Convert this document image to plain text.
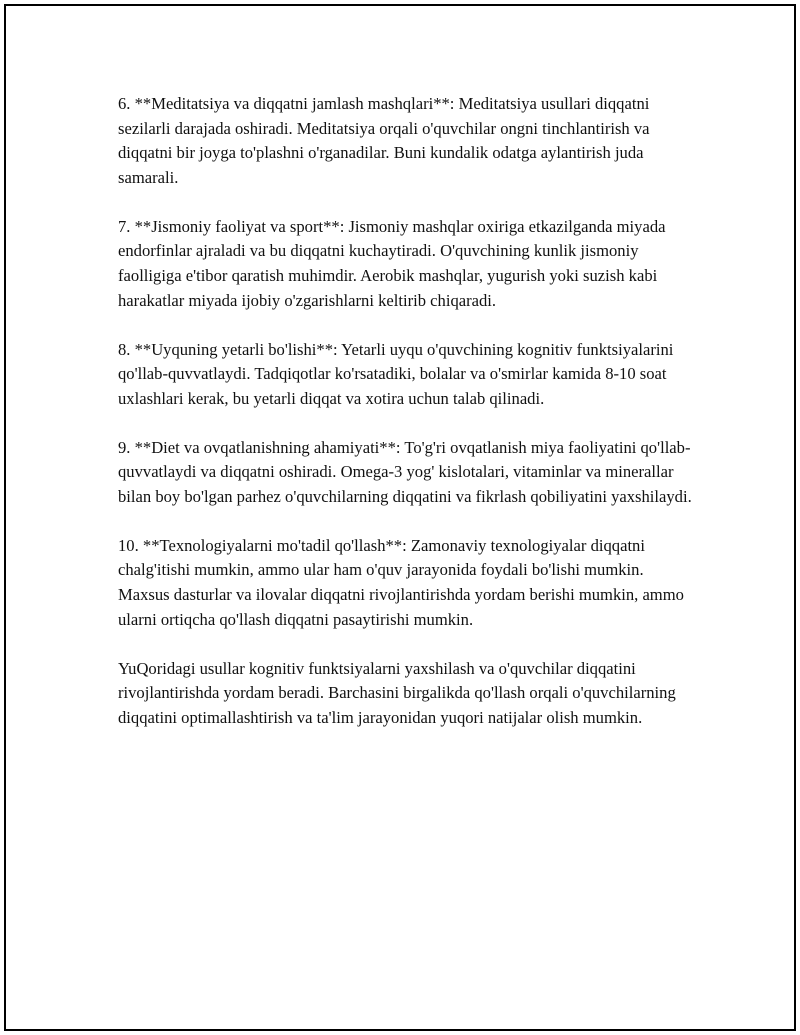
6. **Meditatsiya va diqqatni jamlash mashqlari**: Meditatsiya usullari diqqatni sezilarli darajada oshiradi. Meditatsiya orqali o'quvchilar ongni tinchlantirish va diqqatni bir joyga to'plashni o'rganadilar. Buni kundalik odatga aylantirish juda samarali.

7. **Jismoniy faoliyat va sport**: Jismoniy mashqlar oxiriga etkazilganda miyada endorfinlar ajraladi va bu diqqatni kuchaytiradi. O'quvchining kunlik jismoniy faolligiga e'tibor qaratish muhimdir. Aerobik mashqlar, yugurish yoki suzish kabi harakatlar miyada ijobiy o'zgarishlarni keltirib chiqaradi.

8. **Uyquning yetarli bo'lishi**: Yetarli uyqu o'quvchining kognitiv funktsiyalarini qo'llab-quvvatlaydi. Tadqiqotlar ko'rsatadiki, bolalar va o'smirlar kamida 8-10 soat uxlashlari kerak, bu yetarli diqqat va xotira uchun talab qilinadi.

9. **Diet va ovqatlanishning ahamiyati**: To'g'ri ovqatlanish miya faoliyatini qo'llab-quvvatlaydi va diqqatni oshiradi. Omega-3 yog' kislotalari, vitaminlar va minerallar bilan boy bo'lgan parhez o'quvchilarning diqqatini va fikrlash qobiliyatini yaxshilaydi.

10. **Texnologiyalarni mo'tadil qo'llash**: Zamonaviy texnologiyalar diqqatni chalg'itishi mumkin, ammo ular ham o'quv jarayonida foydali bo'lishi mumkin. Maxsus dasturlar va ilovalar diqqatni rivojlantirishda yordam berishi mumkin, ammo ularni ortiqcha qo'llash diqqatni pasaytirishi mumkin.

YuQoridagi usullar kognitiv funktsiyalarni yaxshilash va o'quvchilar diqqatini rivojlantirishda yordam beradi. Barchasini birgalikda qo'llash orqali o'quvchilarning diqqatini optimallashtirish va ta'lim jarayonidan yuqori natijalar olish mumkin.
